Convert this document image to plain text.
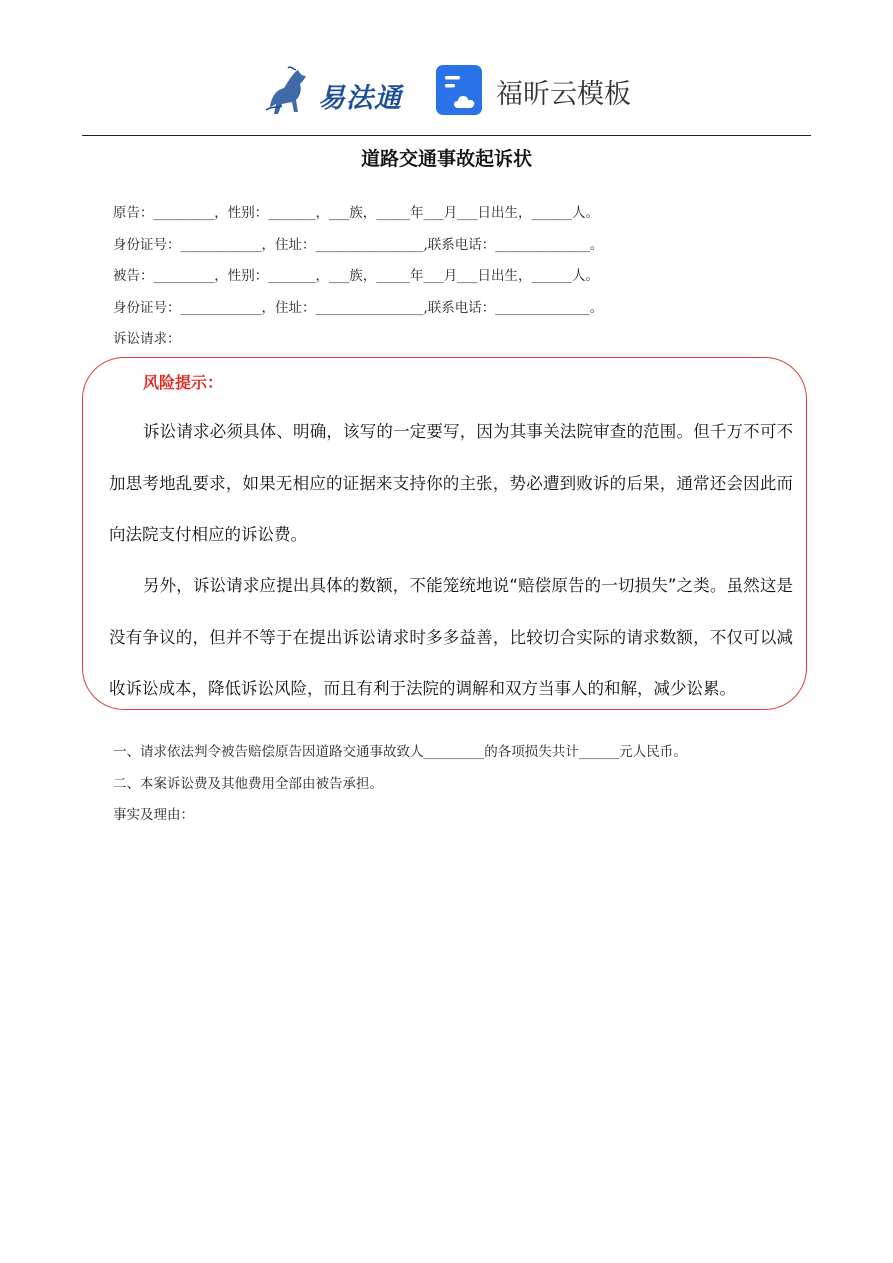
易法通	福昕云模板
道路交通事故起诉状
原告：_________，性别：_______，___族，_____年___月___日出生，______人。
身份证号：____________，住址：________________,联系电话：______________。
被告：_________，性别：_______，___族，_____年___月___日出生，______人。
身份证号：____________，住址：________________,联系电话：______________。
诉讼请求：
风险提示：

诉讼请求必须具体、明确，该写的一定要写，因为其事关法院审查的范围。但千万不可不加思考地乱要求，如果无相应的证据来支持你的主张，势必遭到败诉的后果，通常还会因此而向法院支付相应的诉讼费。

另外，诉讼请求应提出具体的数额，不能笼统地说“赔偿原告的一切损失”之类。虽然这是没有争议的，但并不等于在提出诉讼请求时多多益善，比较切合实际的请求数额，不仅可以减收诉讼成本，降低诉讼风险，而且有利于法院的调解和双方当事人的和解，减少讼累。

一、请求依法判令被告赔偿原告因道路交通事故致人_________的各项损失共计______元人民币。
二、本案诉讼费及其他费用全部由被告承担。
事实及理由：
